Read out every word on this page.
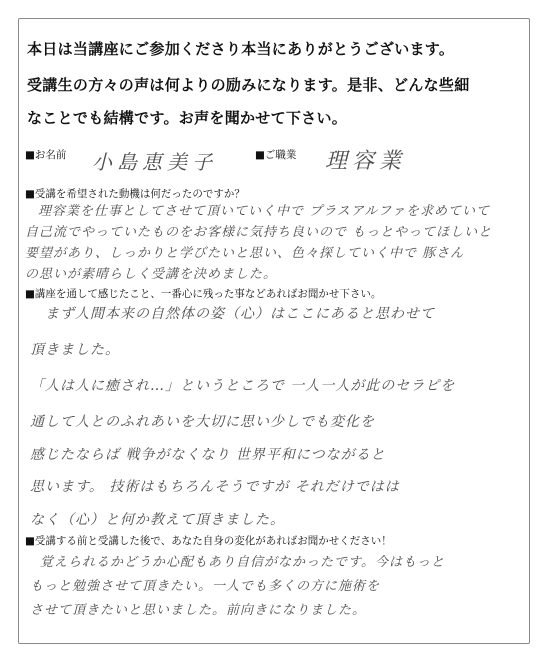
本日は当講座にご参加くださり本当にありがとうございます。
受講生の方々の声は何よりの励みになります。是非、どんな些細
なことでも結構です。お声を聞かせて下さい。
■お名前 小島恵美子	■ご職業 理容業
■受講を希望された動機は何だったのですか？
理容業を仕事としてさせて頂いていく中で プラスアルファを求めていて
自己流でやっていたものをお客様に気持ち良いので もっとやってほしいと
要望があり、しっかりと学びたいと思い、色々探していく中で 豚さん
の思いが素晴らしく受講を決めました。
■講座を通して感じたこと、一番心に残った事などあればお聞かせ下さい。
まず人間本来の自然体の姿（心）はここにあると思わせて
頂きました。
「人は人に癒され…」というところで 一人一人が此のセラピを
通して人とのふれあいを大切に思い少しでも変化を
感じたならば 戦争がなくなり 世界平和につながると
思います。 技術はもちろんそうですが それだけではは
なく（心）と何か教えて頂きました。
■受講する前と受講した後で、あなた自身の変化があればお聞かせください！
覚えられるかどうか心配もあり自信がなかったです。今はもっと
もっと勉強させて頂きたい。一人でも多くの方に施術を
させて頂きたいと思いました。前向きになりました。
